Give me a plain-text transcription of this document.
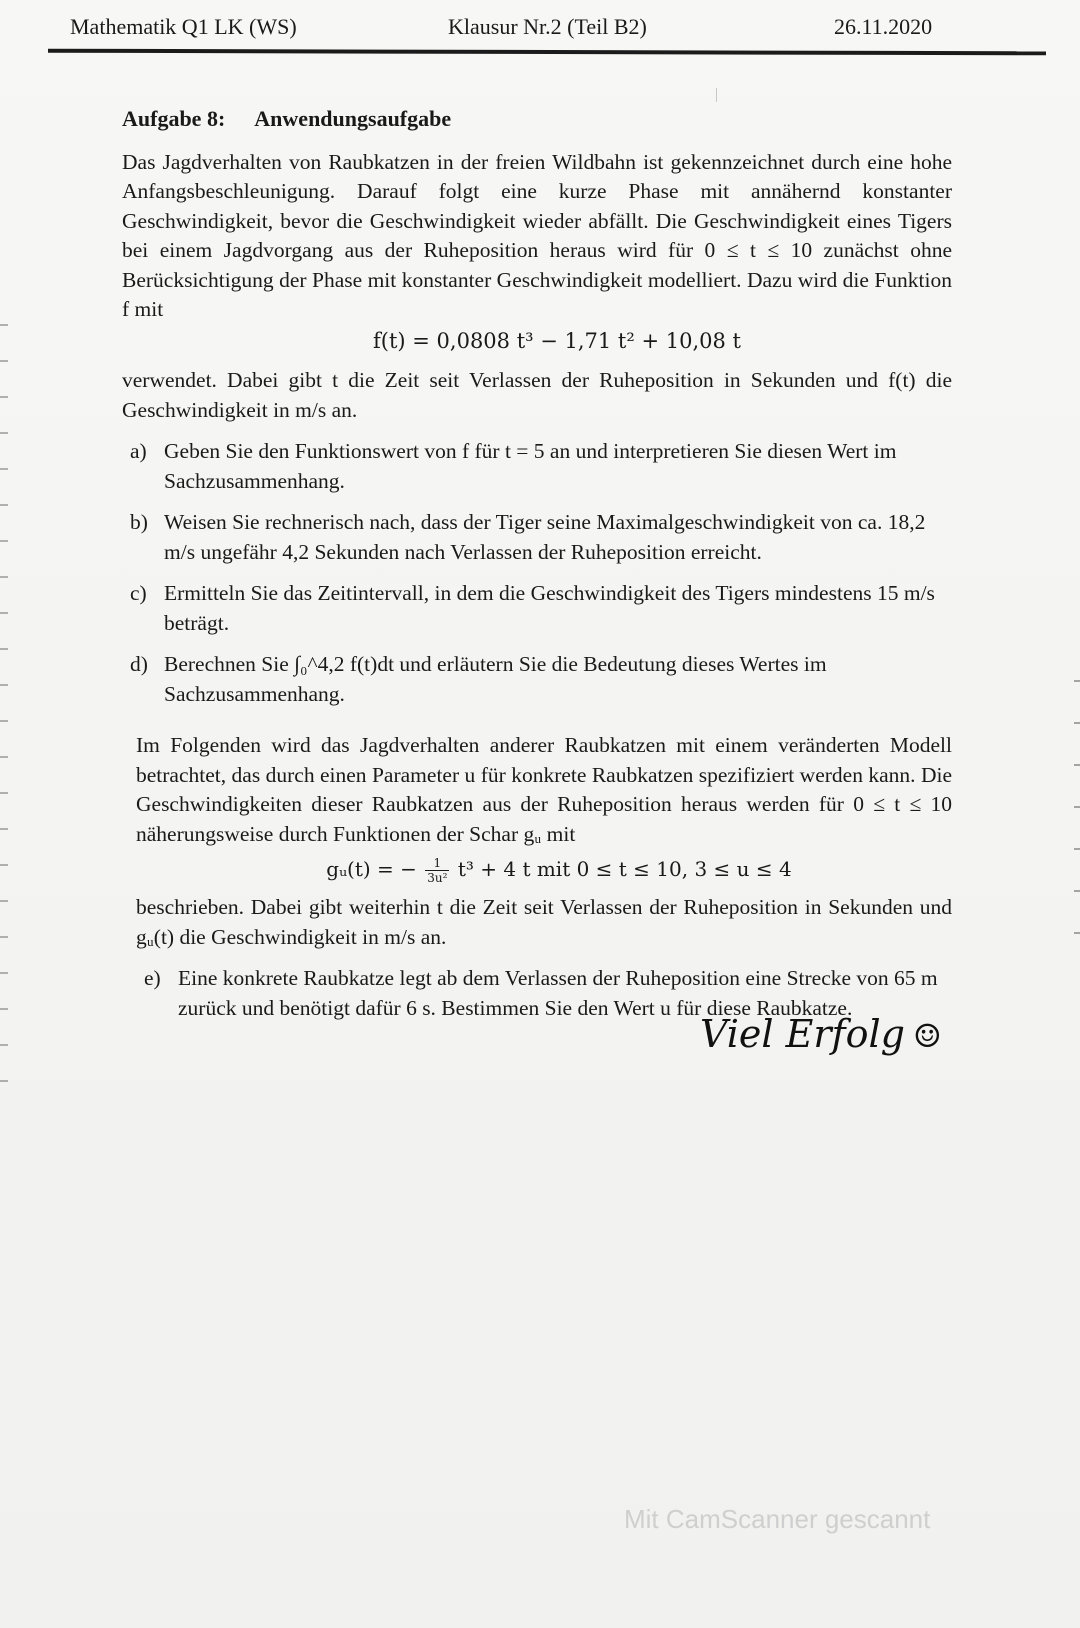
Mathematik Q1 LK (WS)	Klausur Nr.2 (Teil B2)	26.11.2020
Aufgabe 8: Anwendungsaufgabe

Das Jagdverhalten von Raubkatzen in der freien Wildbahn ist gekennzeichnet durch eine hohe Anfangsbeschleunigung. Darauf folgt eine kurze Phase mit annähernd konstanter Geschwindigkeit, bevor die Geschwindigkeit wieder abfällt. Die Geschwindigkeit eines Tigers bei einem Jagdvorgang aus der Ruheposition heraus wird für 0 ≤ t ≤ 10 zunächst ohne Berücksichtigung der Phase mit konstanter Geschwindigkeit modelliert. Dazu wird die Funktion f mit

f(t) = 0,0808 t³ − 1,71 t² + 10,08 t

verwendet. Dabei gibt t die Zeit seit Verlassen der Ruheposition in Sekunden und f(t) die Geschwindigkeit in m/s an.

a) Geben Sie den Funktionswert von f für t = 5 an und interpretieren Sie diesen Wert im Sachzusammenhang.
b) Weisen Sie rechnerisch nach, dass der Tiger seine Maximalgeschwindigkeit von ca. 18,2 m/s ungefähr 4,2 Sekunden nach Verlassen der Ruheposition erreicht.
c) Ermitteln Sie das Zeitintervall, in dem die Geschwindigkeit des Tigers mindestens 15 m/s beträgt.
d) Berechnen Sie ∫₀^4,2 f(t)dt und erläutern Sie die Bedeutung dieses Wertes im Sachzusammenhang.

Im Folgenden wird das Jagdverhalten anderer Raubkatzen mit einem veränderten Modell betrachtet, das durch einen Parameter u für konkrete Raubkatzen spezifiziert werden kann. Die Geschwindigkeiten dieser Raubkatzen aus der Ruheposition heraus werden für 0 ≤ t ≤ 10 näherungsweise durch Funktionen der Schar gᵤ mit

gᵤ(t) = − $\frac{1}{\text{3u²}} t^3 + 4$ t mit 0 ≤ t ≤ 10, 3 ≤ u ≤ 4

beschrieben. Dabei gibt weiterhin t die Zeit seit Verlassen der Ruheposition in Sekunden und gᵤ(t) die Geschwindigkeit in m/s an.

e) Eine konkrete Raubkatze legt ab dem Verlassen der Ruheposition eine Strecke von 65 m zurück und benötigt dafür 6 s. Bestimmen Sie den Wert u für diese Raubkatze.
Viel Erfolg ☺
Mit CamScanner gescannt
